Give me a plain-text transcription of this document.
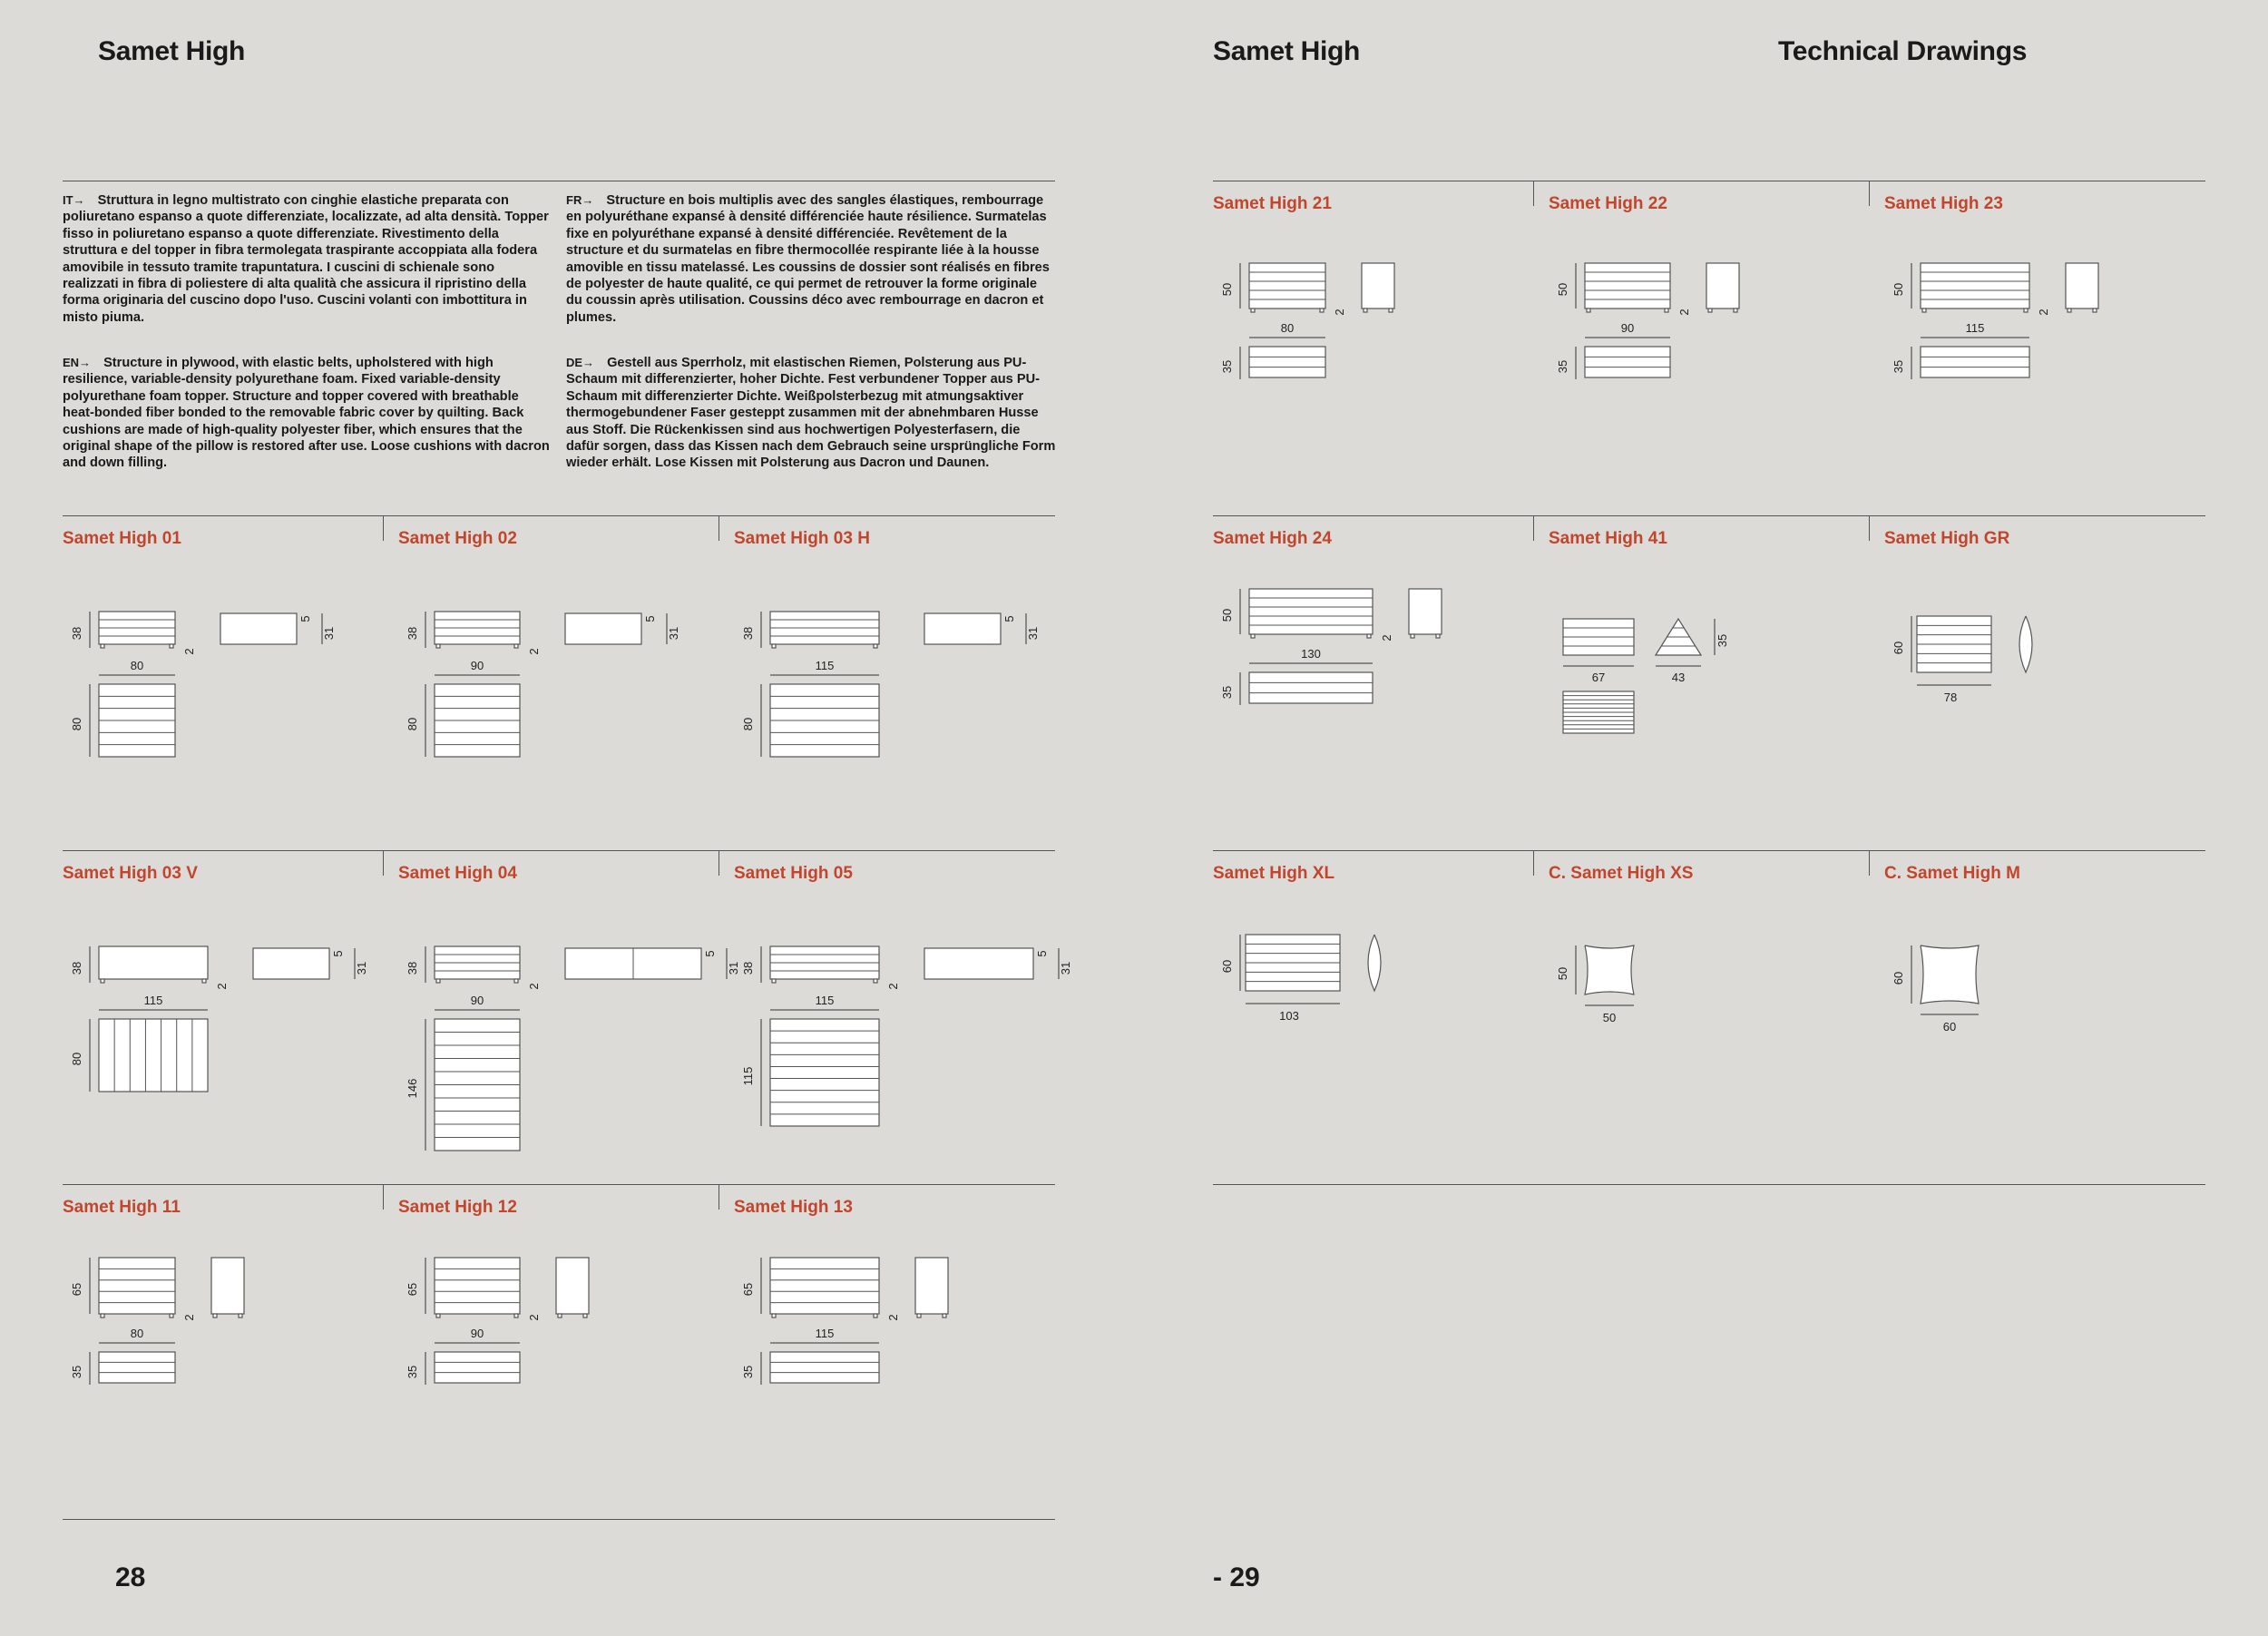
Samet High
IT→ Struttura in legno multistrato con cinghie elastiche preparata con poliuretano espanso a quote differenziate, localizzate, ad alta densità. Topper fisso in poliuretano espanso a quote differenziate. Rivestimento della struttura e del topper in fibra termolegata traspirante accoppiata alla fodera amovibile in tessuto tramite trapuntatura. I cuscini di schienale sono realizzati in fibra di poliestere di alta qualità che assicura il ripristino della forma originaria del cuscino dopo l'uso. Cuscini volanti con imbottitura in misto piuma.
FR→ Structure en bois multiplis avec des sangles élastiques, rembourrage en polyuréthane expansé à densité différenciée haute résilience. Surmatelas fixe en polyuréthane expansé à densité différenciée. Revêtement de la structure et du surmatelas en fibre thermocollée respirante liée à la housse amovible en tissu matelassé. Les coussins de dossier sont réalisés en fibres de polyester de haute qualité, ce qui permet de retrouver la forme originale du coussin après utilisation. Coussins déco avec rembourrage en dacron et plumes.
EN→ Structure in plywood, with elastic belts, upholstered with high resilience, variable-density polyurethane foam. Fixed variable-density polyurethane foam topper. Structure and topper covered with breathable heat-bonded fiber bonded to the removable fabric cover by quilting. Back cushions are made of high-quality polyester fiber, which ensures that the original shape of the pillow is restored after use. Loose cushions with dacron and down filling.
DE→ Gestell aus Sperrholz, mit elastischen Riemen, Polsterung aus PU-Schaum mit differenzierter, hoher Dichte. Fest verbundener Topper aus PU-Schaum mit differenzierter Dichte. Weißpolsterbezug mit atmungsaktiver thermogebundener Faser gesteppt zusammen mit der abnehmbaren Husse aus Stoff. Die Rückenkissen sind aus hochwertigen Polyesterfasern, die dafür sorgen, dass das Kissen nach dem Gebrauch seine ursprüngliche Form wieder erhält. Lose Kissen mit Polsterung aus Dacron und Daunen.
Samet High 01
38
2
5
31
80
80
Samet High 02
38
2
5
31
90
80
Samet High 03 H
38
5
31
115
80
Samet High 03 V
38
2
5
31
115
80
Samet High 04
38
2
5
31
90
146
Samet High 05
38
2
5
31
115
115
Samet High 11
65
2
80
35
Samet High 12
65
2
90
35
Samet High 13
65
2
115
35
28
Samet High	Technical Drawings
Samet High 21
50
2
80
35
Samet High 22
50
2
90
35
Samet High 23
50
2
115
35
Samet High 24
50
2
130
35
Samet High 41
67	43
35
Samet High GR
60
78
Samet High XL
60
103
C. Samet High XS
50
50
C. Samet High M
60
60
- 29
